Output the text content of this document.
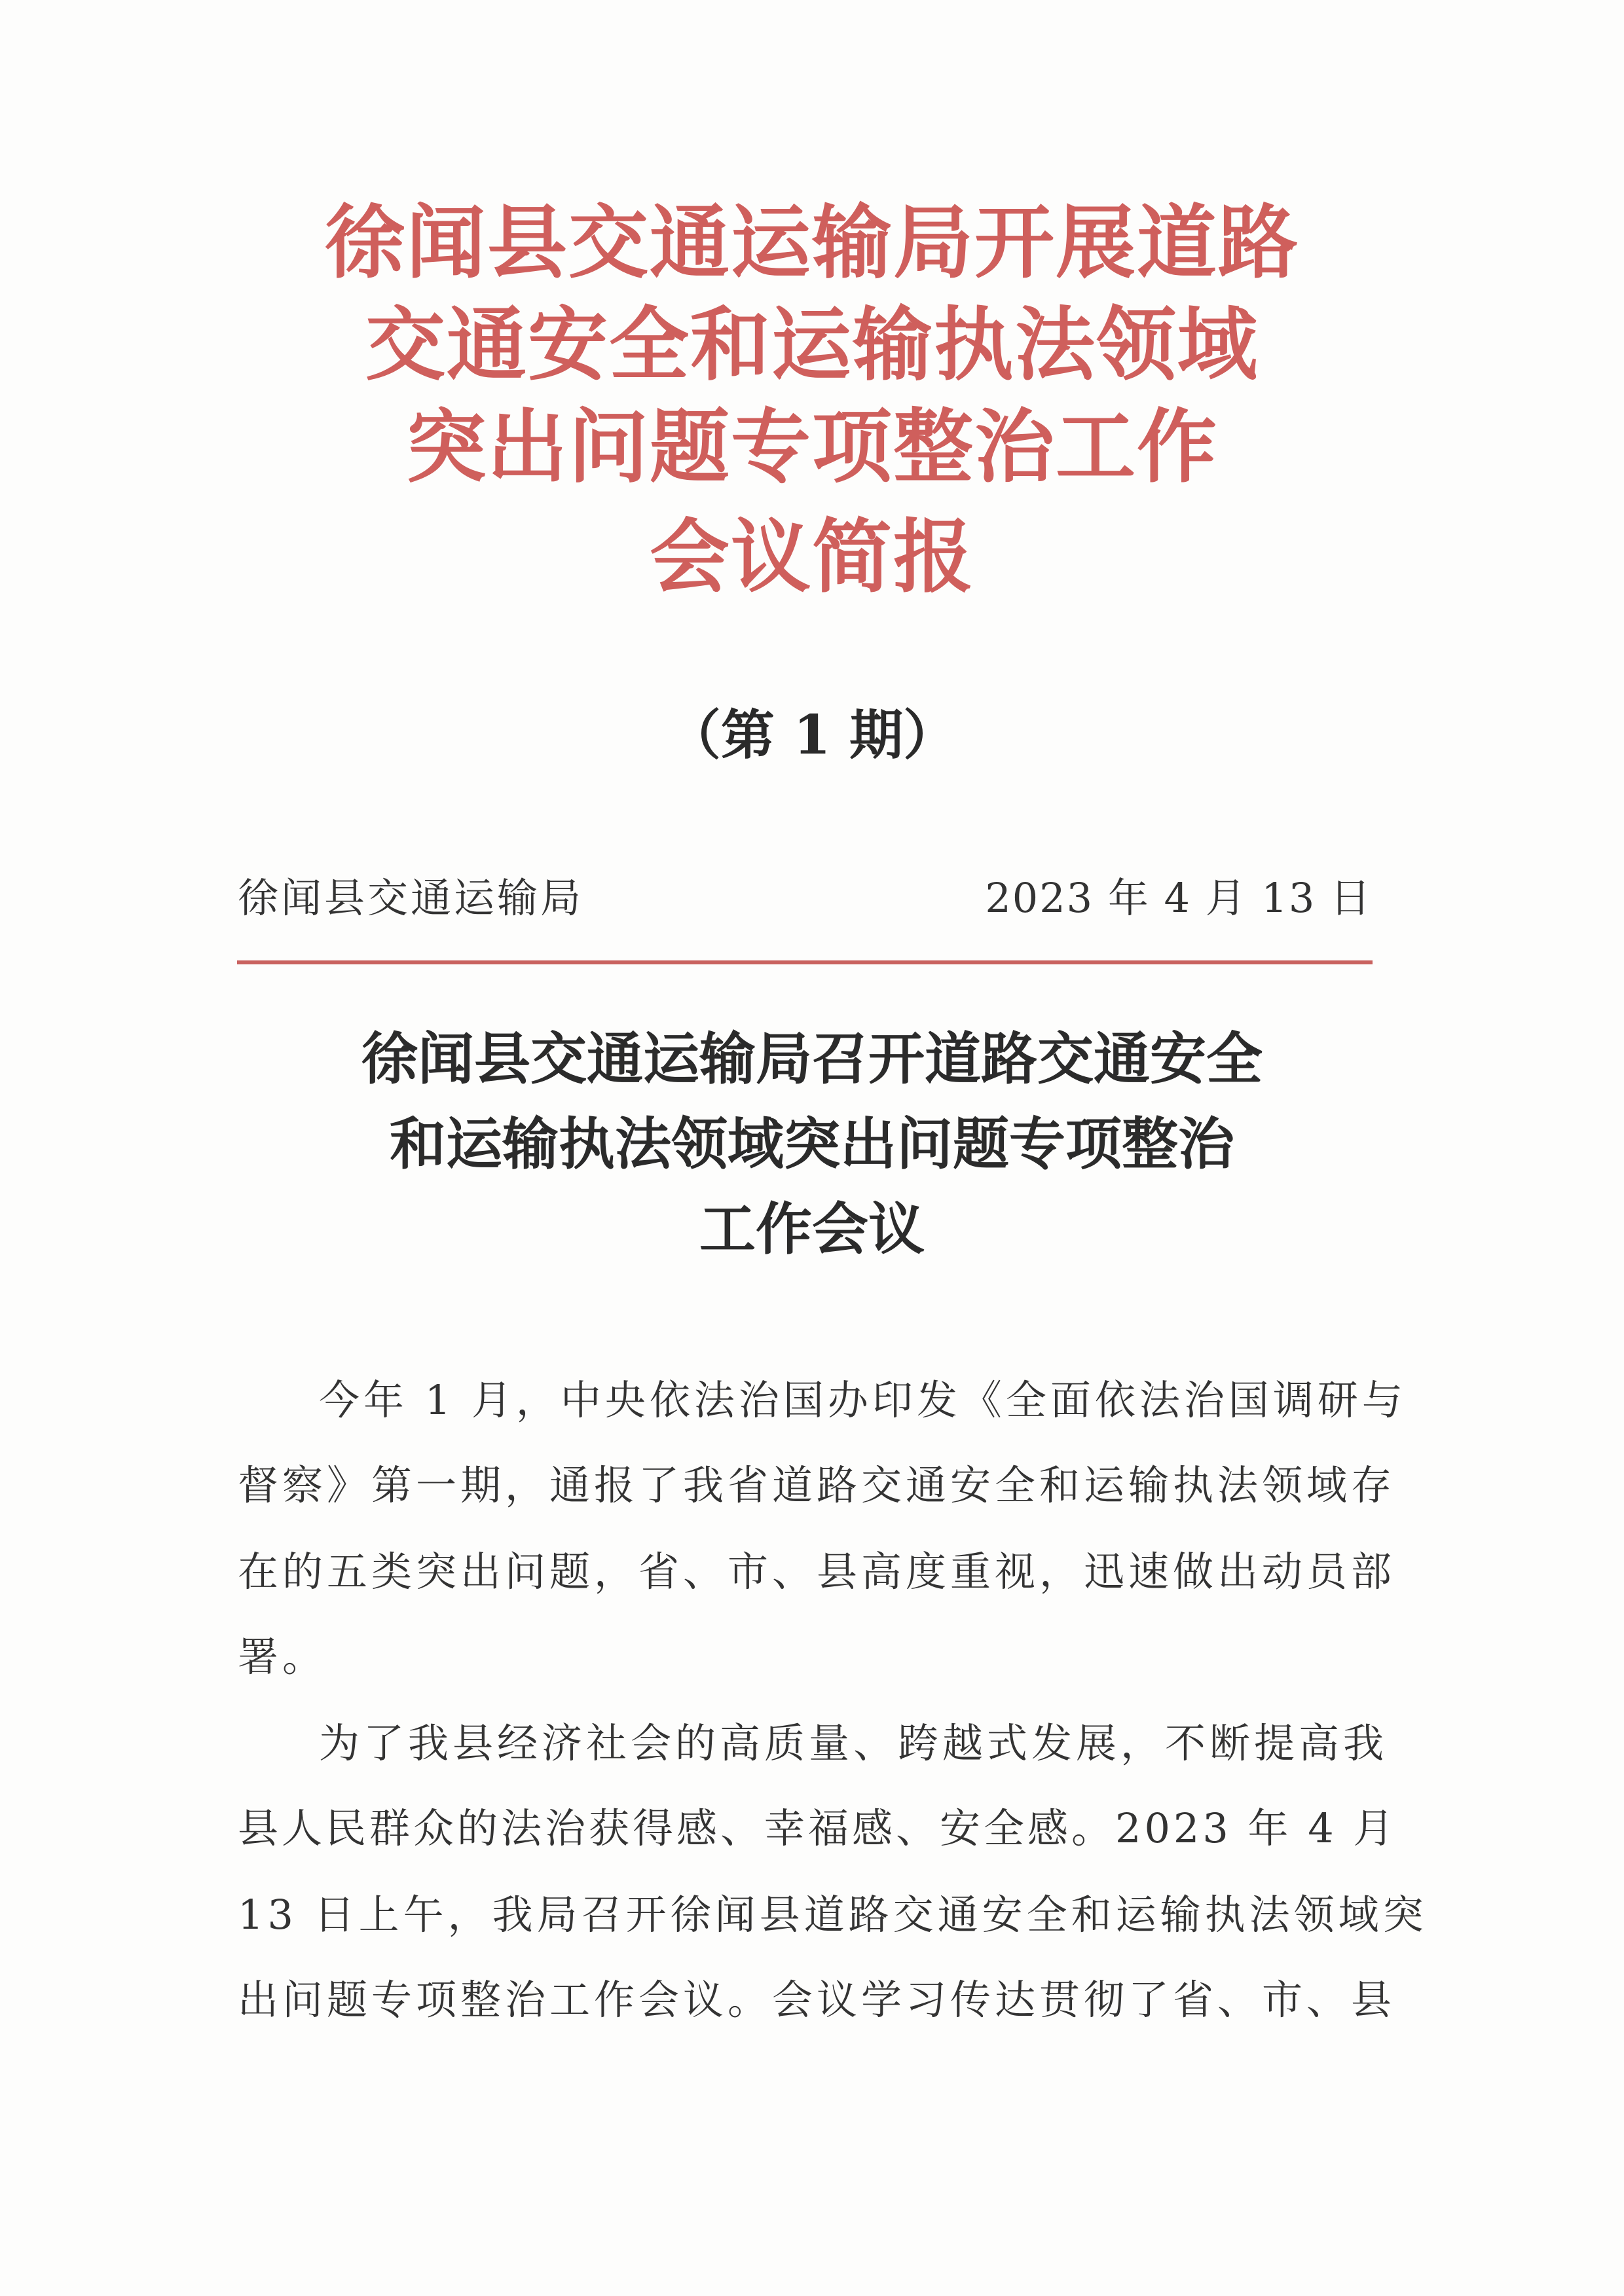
徐闻县交通运输局开展道路
交通安全和运输执法领域
突出问题专项整治工作
会议简报
（第 1 期）
徐闻县交通运输局	2023 年 4 月 13 日
徐闻县交通运输局召开道路交通安全
和运输执法领域突出问题专项整治
工作会议
今年 1 月，中央依法治国办印发《全面依法治国调研与
督察》第一期，通报了我省道路交通安全和运输执法领域存
在的五类突出问题，省、市、县高度重视，迅速做出动员部
署。
为了我县经济社会的高质量、跨越式发展，不断提高我
县人民群众的法治获得感、幸福感、安全感。2023 年 4 月
13 日上午，我局召开徐闻县道路交通安全和运输执法领域突
出问题专项整治工作会议。会议学习传达贯彻了省、市、县
